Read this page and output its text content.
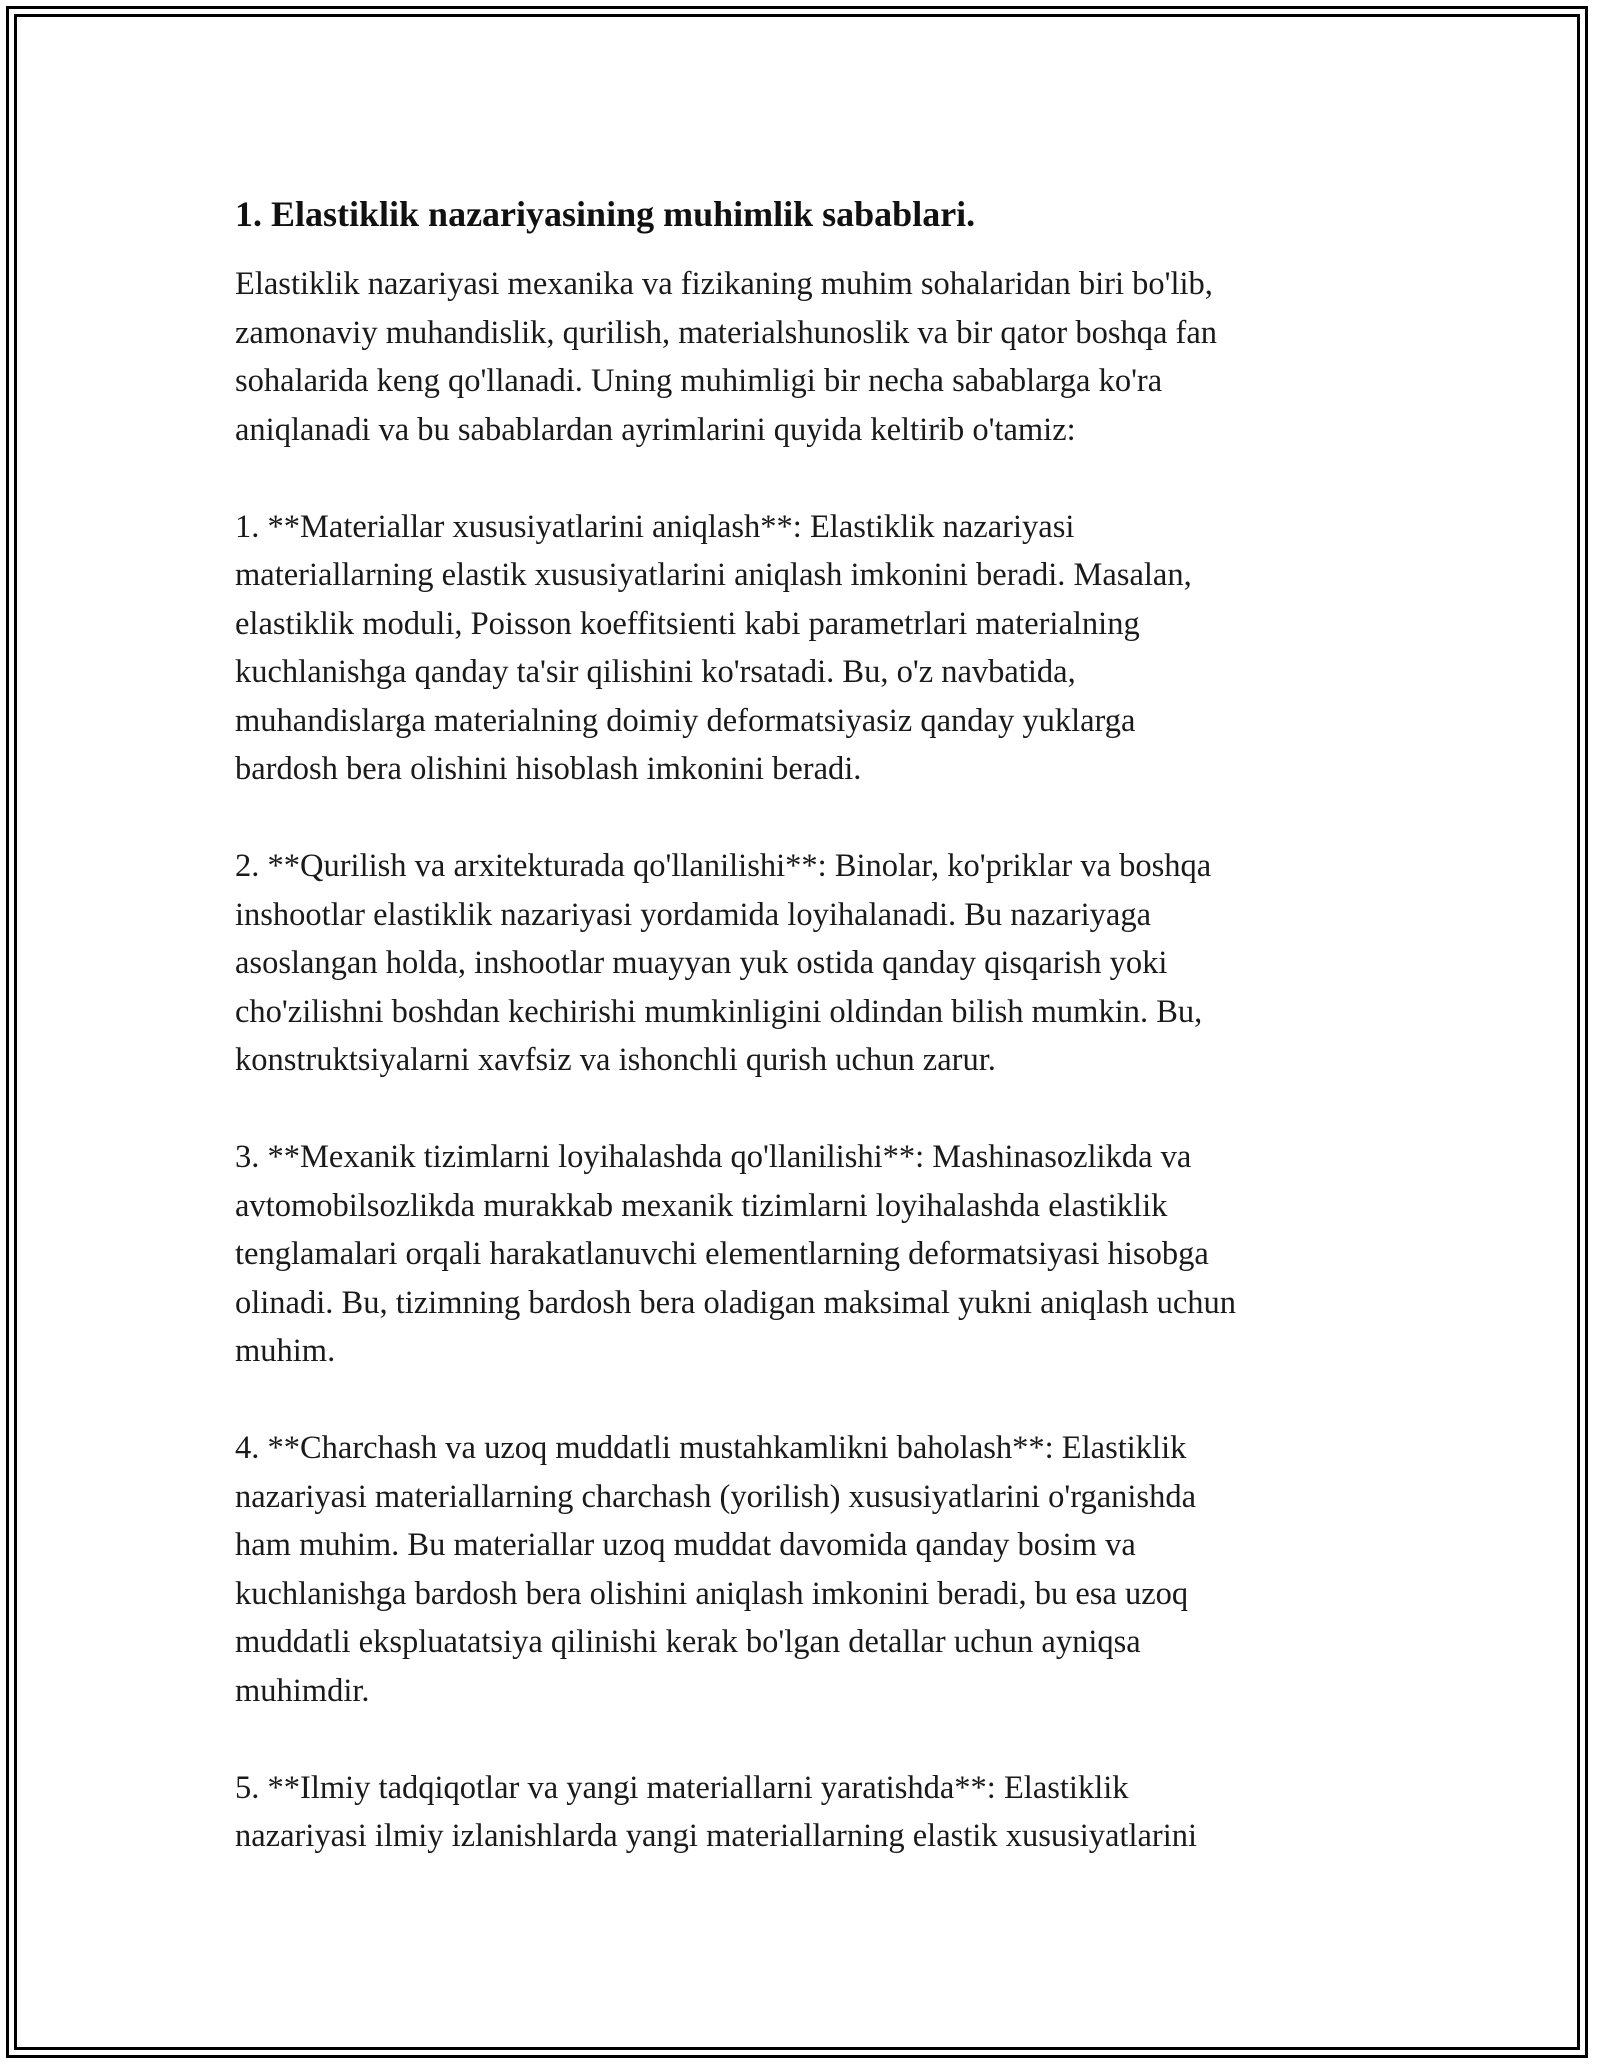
1. Elastiklik nazariyasining muhimlik sabablari.

Elastiklik nazariyasi mexanika va fizikaning muhim sohalaridan biri bo'lib,
zamonaviy muhandislik, qurilish, materialshunoslik va bir qator boshqa fan
sohalarida keng qo'llanadi. Uning muhimligi bir necha sabablarga ko'ra
aniqlanadi va bu sabablardan ayrimlarini quyida keltirib o'tamiz:

1. **Materiallar xususiyatlarini aniqlash**: Elastiklik nazariyasi
materiallarning elastik xususiyatlarini aniqlash imkonini beradi. Masalan,
elastiklik moduli, Poisson koeffitsienti kabi parametrlari materialning
kuchlanishga qanday ta'sir qilishini ko'rsatadi. Bu, o'z navbatida,
muhandislarga materialning doimiy deformatsiyasiz qanday yuklarga
bardosh bera olishini hisoblash imkonini beradi.

2. **Qurilish va arxitekturada qo'llanilishi**: Binolar, ko'priklar va boshqa
inshootlar elastiklik nazariyasi yordamida loyihalanadi. Bu nazariyaga
asoslangan holda, inshootlar muayyan yuk ostida qanday qisqarish yoki
cho'zilishni boshdan kechirishi mumkinligini oldindan bilish mumkin. Bu,
konstruktsiyalarni xavfsiz va ishonchli qurish uchun zarur.

3. **Mexanik tizimlarni loyihalashda qo'llanilishi**: Mashinasozlikda va
avtomobilsozlikda murakkab mexanik tizimlarni loyihalashda elastiklik
tenglamalari orqali harakatlanuvchi elementlarning deformatsiyasi hisobga
olinadi. Bu, tizimning bardosh bera oladigan maksimal yukni aniqlash uchun
muhim.

4. **Charchash va uzoq muddatli mustahkamlikni baholash**: Elastiklik
nazariyasi materiallarning charchash (yorilish) xususiyatlarini o'rganishda
ham muhim. Bu materiallar uzoq muddat davomida qanday bosim va
kuchlanishga bardosh bera olishini aniqlash imkonini beradi, bu esa uzoq
muddatli ekspluatatsiya qilinishi kerak bo'lgan detallar uchun ayniqsa
muhimdir.

5. **Ilmiy tadqiqotlar va yangi materiallarni yaratishda**: Elastiklik
nazariyasi ilmiy izlanishlarda yangi materiallarning elastik xususiyatlarini
